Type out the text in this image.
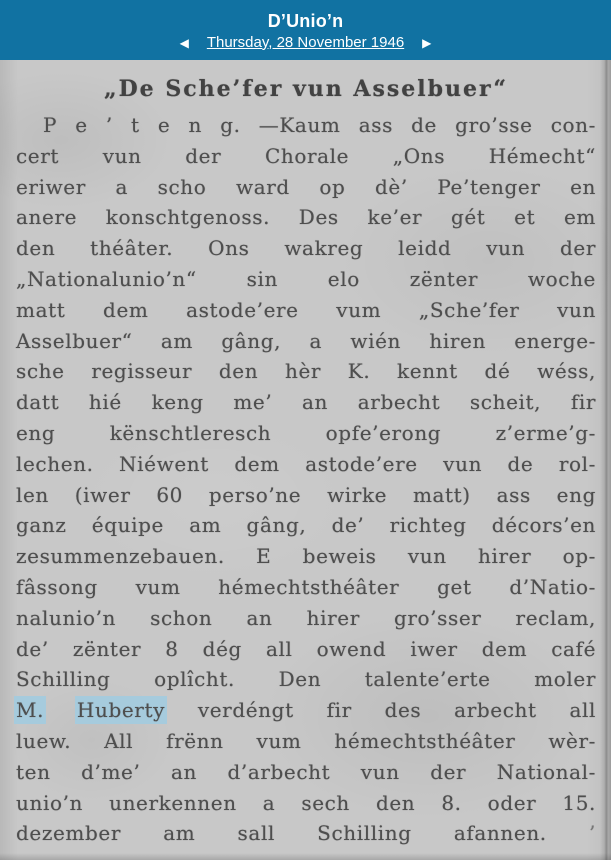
D’Unio’n
◀ Thursday, 28 November 1946 ▶
„De Sche’fer vun Asselbuer“
P e ’ t e n g. —Kaum ass de gro’sse con-
cert vun der Chorale „Ons Hémecht“
eriwer a scho ward op dè’ Pe’tenger en
anere konschtgenoss. Des ke’er gét et em
den théâter. Ons wakreg leidd vun der
„Nationalunio’n“ sin elo zënter woche
matt dem astode’ere vum „Sche’fer vun
Asselbuer“ am gâng, a wién hiren energe-
sche regisseur den hèr K. kennt dé wéss,
datt hié keng me’ an arbecht scheit, fir
eng kënschtleresch opfe’erong z’erme’g-
lechen. Niéwent dem astode’ere vun de rol-
len (iwer 60 perso’ne wirke matt) ass eng
ganz équipe am gâng, de’ richteg décors’en
zesummenzebauen. E beweis vun hirer op-
fâssong vum hémechtsthéâter get d’Natio-
nalunio’n schon an hirer gro’sser reclam,
de’ zënter 8 dég all owend iwer dem café
Schilling oplîcht. Den talente’erte moler
M. Huberty verdéngt fir des arbecht all
luew. All frënn vum hémechtsthéâter wèr-
ten d’me’ an d’arbecht vun der National-
unio’n unerkennen a sech den 8. oder 15.
dezember am sall Schilling afannen. ’
